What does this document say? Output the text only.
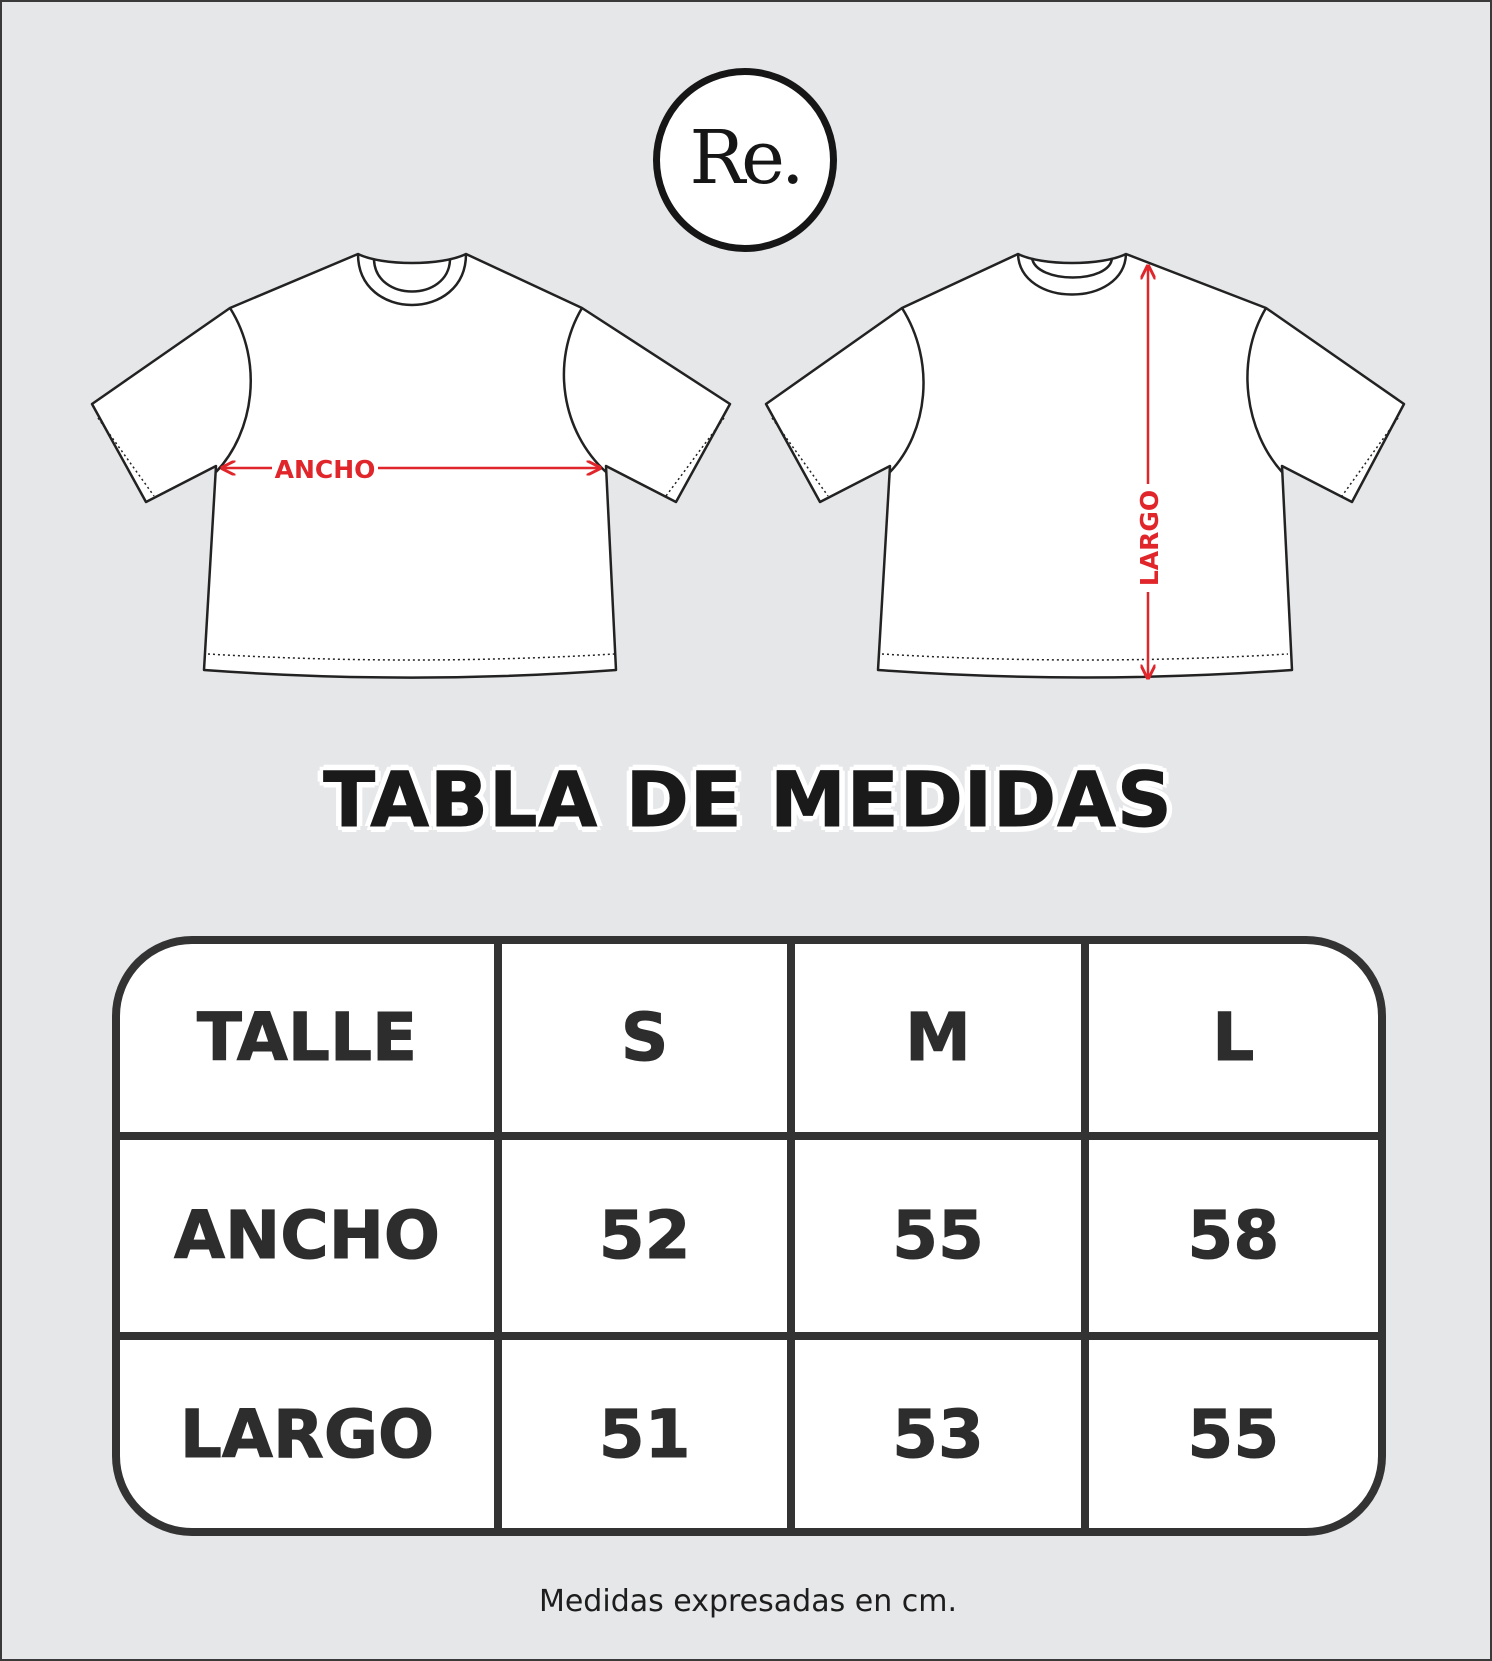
Re.
ANCHO
LARGO
TABLA DE MEDIDAS
TALLE	S	M	L
ANCHO	52	55	58
LARGO	51	53	55
Medidas expresadas en cm.
